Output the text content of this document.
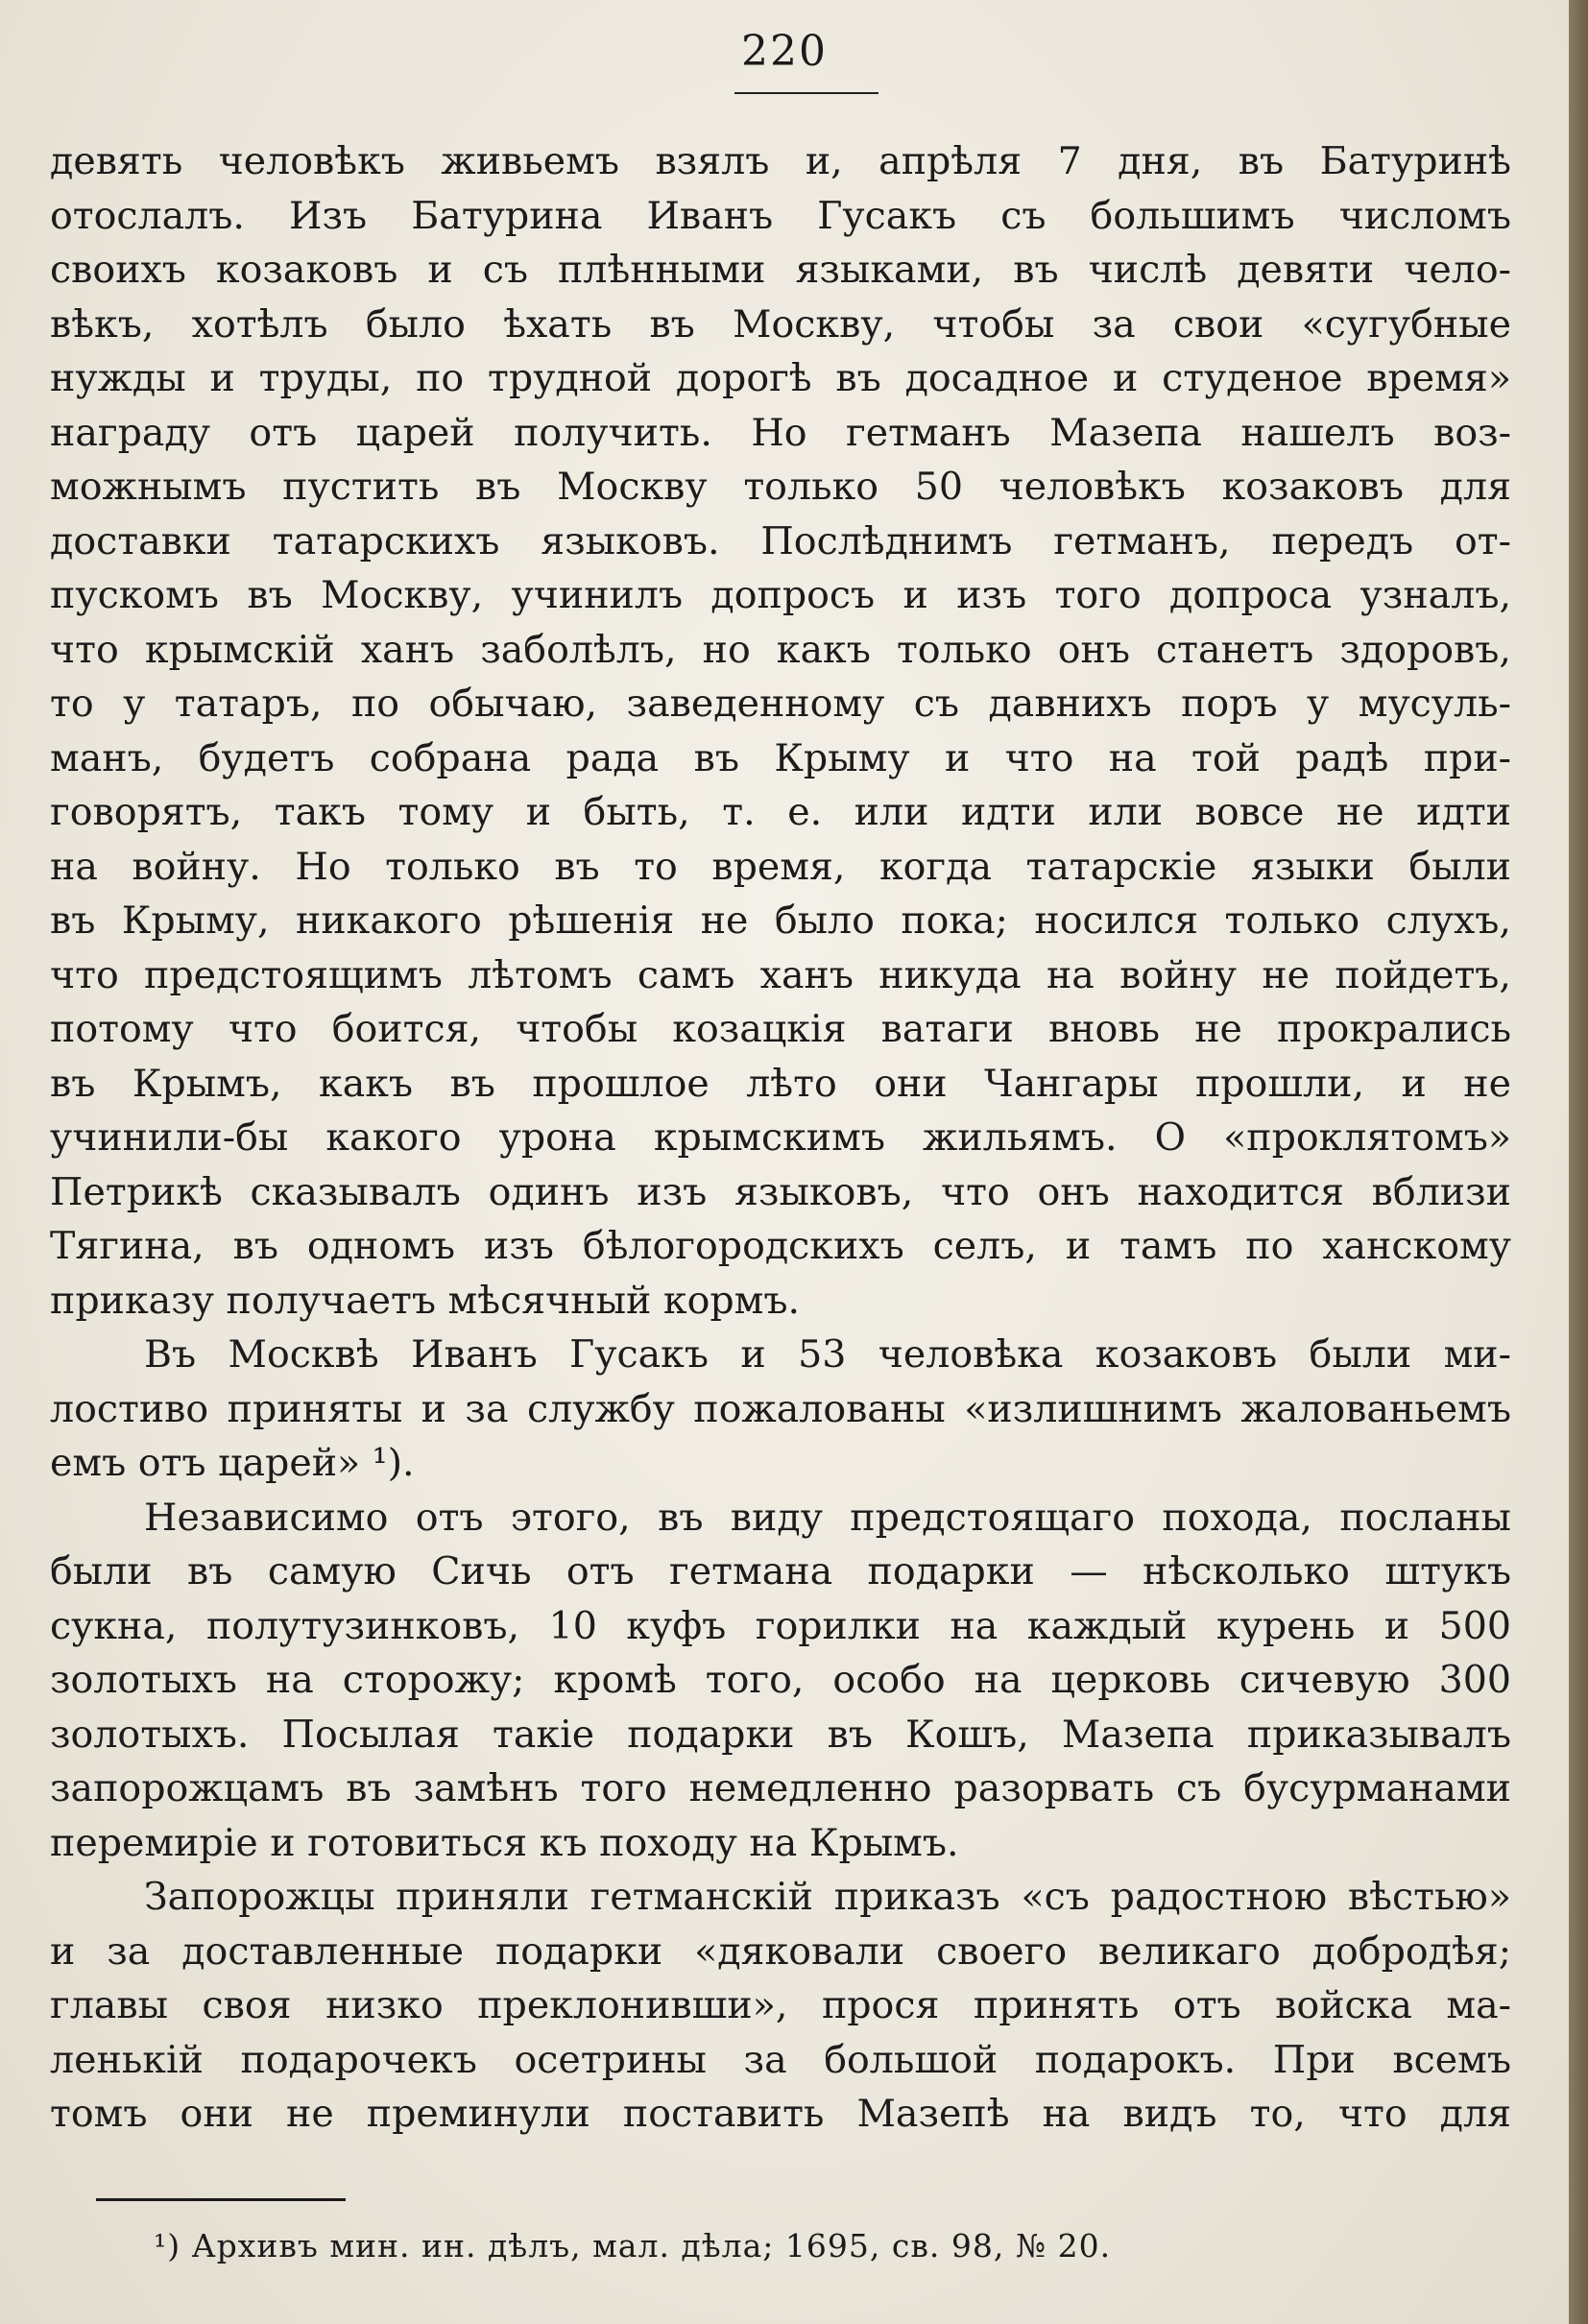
220
девять человѣкъ живьемъ взялъ и, апрѣля 7 дня, въ Батуринѣ
отослалъ. Изъ Батурина Иванъ Гусакъ съ большимъ числомъ
своихъ козаковъ и съ плѣнными языками, въ числѣ девяти чело-
вѣкъ, хотѣлъ было ѣхать въ Москву, чтобы за свои «сугубные
нужды и труды, по трудной дорогѣ въ досадное и студеное время»
награду отъ царей получить. Но гетманъ Мазепа нашелъ воз-
можнымъ пустить въ Москву только 50 человѣкъ козаковъ для
доставки татарскихъ языковъ. Послѣднимъ гетманъ, передъ от-
пускомъ въ Москву, учинилъ допросъ и изъ того допроса узналъ,
что крымскій ханъ заболѣлъ, но какъ только онъ станетъ здоровъ,
то у татаръ, по обычаю, заведенному съ давнихъ поръ у мусуль-
манъ, будетъ собрана рада въ Крыму и что на той радѣ при-
говорятъ, такъ тому и быть, т. е. или идти или вовсе не идти
на войну. Но только въ то время, когда татарскіе языки были
въ Крыму, никакого рѣшенія не было пока; носился только слухъ,
что предстоящимъ лѣтомъ самъ ханъ никуда на войну не пойдетъ,
потому что боится, чтобы козацкія ватаги вновь не прокрались
въ Крымъ, какъ въ прошлое лѣто они Чангары прошли, и не
учинили-бы какого урона крымскимъ жильямъ. О «проклятомъ»
Петрикѣ сказывалъ одинъ изъ языковъ, что онъ находится вблизи
Тягина, въ одномъ изъ бѣлогородскихъ селъ, и тамъ по ханскому
приказу получаетъ мѣсячный кормъ.
Въ Москвѣ Иванъ Гусакъ и 53 человѣка козаковъ были ми-
лостиво приняты и за службу пожалованы «излишнимъ жалованьемъ
емъ отъ царей» ¹).
Независимо отъ этого, въ виду предстоящаго похода, посланы
были въ самую Сичь отъ гетмана подарки — нѣсколько штукъ
сукна, полутузинковъ, 10 куфъ горилки на каждый курень и 500
золотыхъ на сторожу; кромѣ того, особо на церковь сичевую 300
золотыхъ. Посылая такіе подарки въ Кошъ, Мазепа приказывалъ
запорожцамъ въ замѣнъ того немедленно разорвать съ бусурманами
перемиріе и готовиться къ походу на Крымъ.
Запорожцы приняли гетманскій приказъ «съ радостною вѣстью»
и за доставленные подарки «дяковали своего великаго добродѣя;
главы своя низко преклонивши», прося принять отъ войска ма-
ленькій подарочекъ осетрины за большой подарокъ. При всемъ
томъ они не преминули поставить Мазепѣ на видъ то, что для
¹) Архивъ мин. ин. дѣлъ, мал. дѣла; 1695, св. 98, № 20.
